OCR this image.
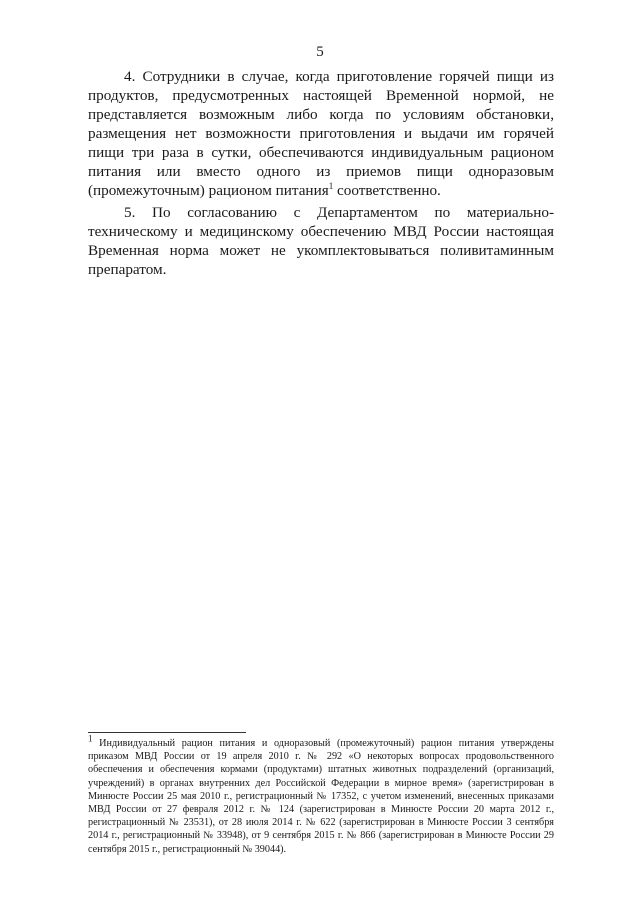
5

4. Сотрудники в случае, когда приготовление горячей пищи из продуктов, предусмотренных настоящей Временной нормой, не представляется возможным либо когда по условиям обстановки, размещения нет возможности приготовления и выдачи им горячей пищи три раза в сутки, обеспечиваются индивидуальным рационом питания или вместо одного из приемов пищи одноразовым (промежуточным) рационом питания$^1$ соответственно.

5. По согласованию с Департаментом по материально-техническому и медицинскому обеспечению МВД России настоящая Временная норма может не укомплектовываться поливитаминным препаратом.

$^1$ Индивидуальный рацион питания и одноразовый (промежуточный) рацион питания утверждены приказом МВД России от 19 апреля 2010 г. № 292 «О некоторых вопросах продовольственного обеспечения и обеспечения кормами (продуктами) штатных животных подразделений (организаций, учреждений) в органах внутренних дел Российской Федерации в мирное время» (зарегистрирован в Минюсте России 25 мая 2010 г., регистрационный № 17352, с учетом изменений, внесенных приказами МВД России от 27 февраля 2012 г. № 124 (зарегистрирован в Минюсте России 20 марта 2012 г., регистрационный № 23531), от 28 июля 2014 г. № 622 (зарегистрирован в Минюсте России 3 сентября 2014 г., регистрационный № 33948), от 9 сентября 2015 г. № 866 (зарегистрирован в Минюсте России 29 сентября 2015 г., регистрационный № 39044).
